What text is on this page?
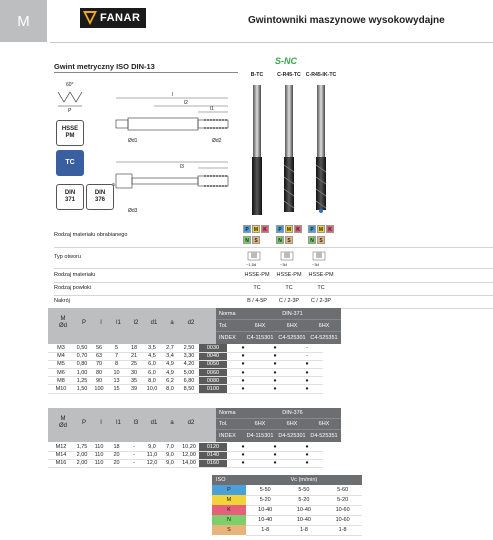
M	FANAR	Gwintowniki maszynowe wysokowydajne
Gwint metryczny ISO DIN-13
60°
P
l
l2
l1
Ød1	Ød2
l3
Ød3
HSSE
PM
TC
DIN
371
DIN
376
S-NC
B-TC	C-R45-TC C-R45-IK-TC
Rodzaj materiału obrabianego
P	M	K
N	S
P	M	K
N	S
P	M	K
N	S
Typ otworu
~1,5d	~3d	~3d
Rodzaj materiału	HSSE-PM	HSSE-PM	HSSE-PM
Rodzaj powłoki	TC	TC	TC
Nakrój	B / 4-5P	C / 2-3P	C / 2-3P
Norma	DIN-371
Tol.	6HX	6HX	6HX
INDEX	C4-115301 C4-525301 C4-525351
M
Ød
P	l	l1	l2	d1	a	d2
M3	0,50	56	5	18	3,5	2,7	2,50	0030	●	●	-
M4	0,70	63	7	21	4,5	3,4	3,30	0040	●	●	-
M5	0,80	70	8	25	6,0	4,9	4,20	0050	●	●	●
M6	1,00	80	10	30	6,0	4,9	5,00	0060	●	●	●
M8	1,25	90	13	35	8,0	6,2	6,80	0080	●	●	●
M10	1,50	100	15	39	10,0	8,0	8,50	0100	●	●	●
Norma	DIN-376
Tol.	6HX	6HX	6HX
INDEX	D4-115301 D4-525301 D4-525351
M
Ød
P	l	l1	l3	d1	a	d2
M12	1,75	110	18	-	9,0	7,0	10,20	0120	●	●	●
M14	2,00	110	20	-	11,0	9,0	12,00	0140	●	●	●
M16	2,00	110	20	-	12,0	9,0	14,00	0160	●	●	●
ISO	Vc (m/min)		
P	5-50	5-50	5-60
M	5-20	5-20	5-20
K	10-40	10-40	10-60
N	10-40	10-40	10-60
S	1-8	1-8	1-8
